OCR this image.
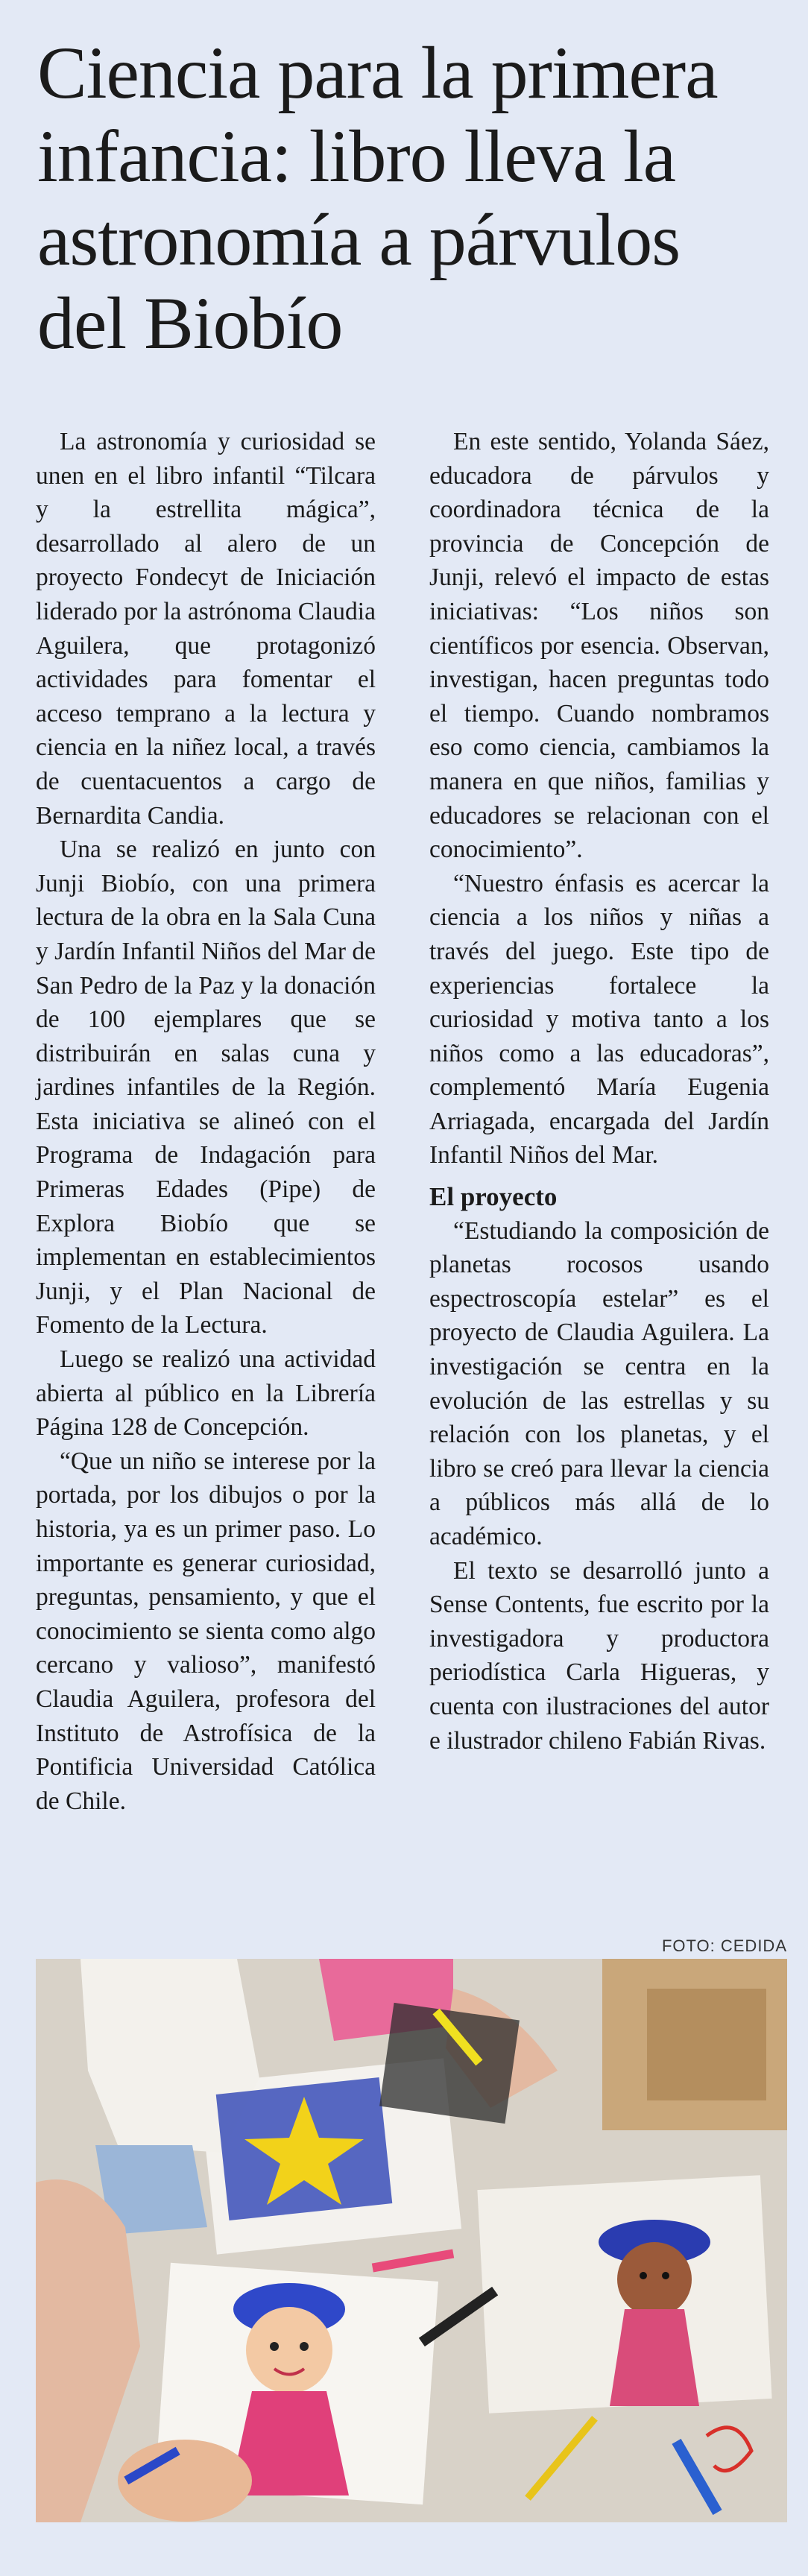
Ciencia para la primera infancia: libro lleva la astronomía a párvulos del Biobío

La astronomía y curiosidad se unen en el libro infantil “Tilcara y la estrellita mágica”, desarrollado al alero de un proyecto Fondecyt de Iniciación liderado por la astrónoma Claudia Aguilera, que protagonizó actividades para fomentar el acceso temprano a la lectura y ciencia en la niñez local, a través de cuentacuentos a cargo de Bernardita Candia.

Una se realizó en junto con Junji Biobío, con una primera lectura de la obra en la Sala Cuna y Jardín Infantil Niños del Mar de San Pedro de la Paz y la donación de 100 ejemplares que se distribuirán en salas cuna y jardines infantiles de la Región. Esta iniciativa se alineó con el Programa de Indagación para Primeras Edades (Pipe) de Explora Biobío que se implementan en establecimientos Junji, y el Plan Nacional de Fomento de la Lectura.

Luego se realizó una actividad abierta al público en la Librería Página 128 de Concepción.

“Que un niño se interese por la portada, por los dibujos o por la historia, ya es un primer paso. Lo importante es generar curiosidad, preguntas, pensamiento, y que el conocimiento se sienta como algo cercano y valioso”, manifestó Claudia Aguilera, profesora del Instituto de Astrofísica de la Pontificia Universidad Católica de Chile.

En este sentido, Yolanda Sáez, educadora de párvulos y coordinadora técnica de la provincia de Concepción de Junji, relevó el impacto de estas iniciativas: “Los niños son científicos por esencia. Observan, investigan, hacen preguntas todo el tiempo. Cuando nombramos eso como ciencia, cambiamos la manera en que niños, familias y educadores se relacionan con el conocimiento”.

“Nuestro énfasis es acercar la ciencia a los niños y niñas a través del juego. Este tipo de experiencias fortalece la curiosidad y motiva tanto a los niños como a las educadoras”, complementó María Eugenia Arriagada, encargada del Jardín Infantil Niños del Mar.

El proyecto

“Estudiando la composición de planetas rocosos usando espectroscopía estelar” es el proyecto de Claudia Aguilera. La investigación se centra en la evolución de las estrellas y su relación con los planetas, y el libro se creó para llevar la ciencia a públicos más allá de lo académico.

El texto se desarrolló junto a Sense Contents, fue escrito por la investigadora y productora periodística Carla Higueras, y cuenta con ilustraciones del autor e ilustrador chileno Fabián Rivas.

FOTO: CEDIDA
